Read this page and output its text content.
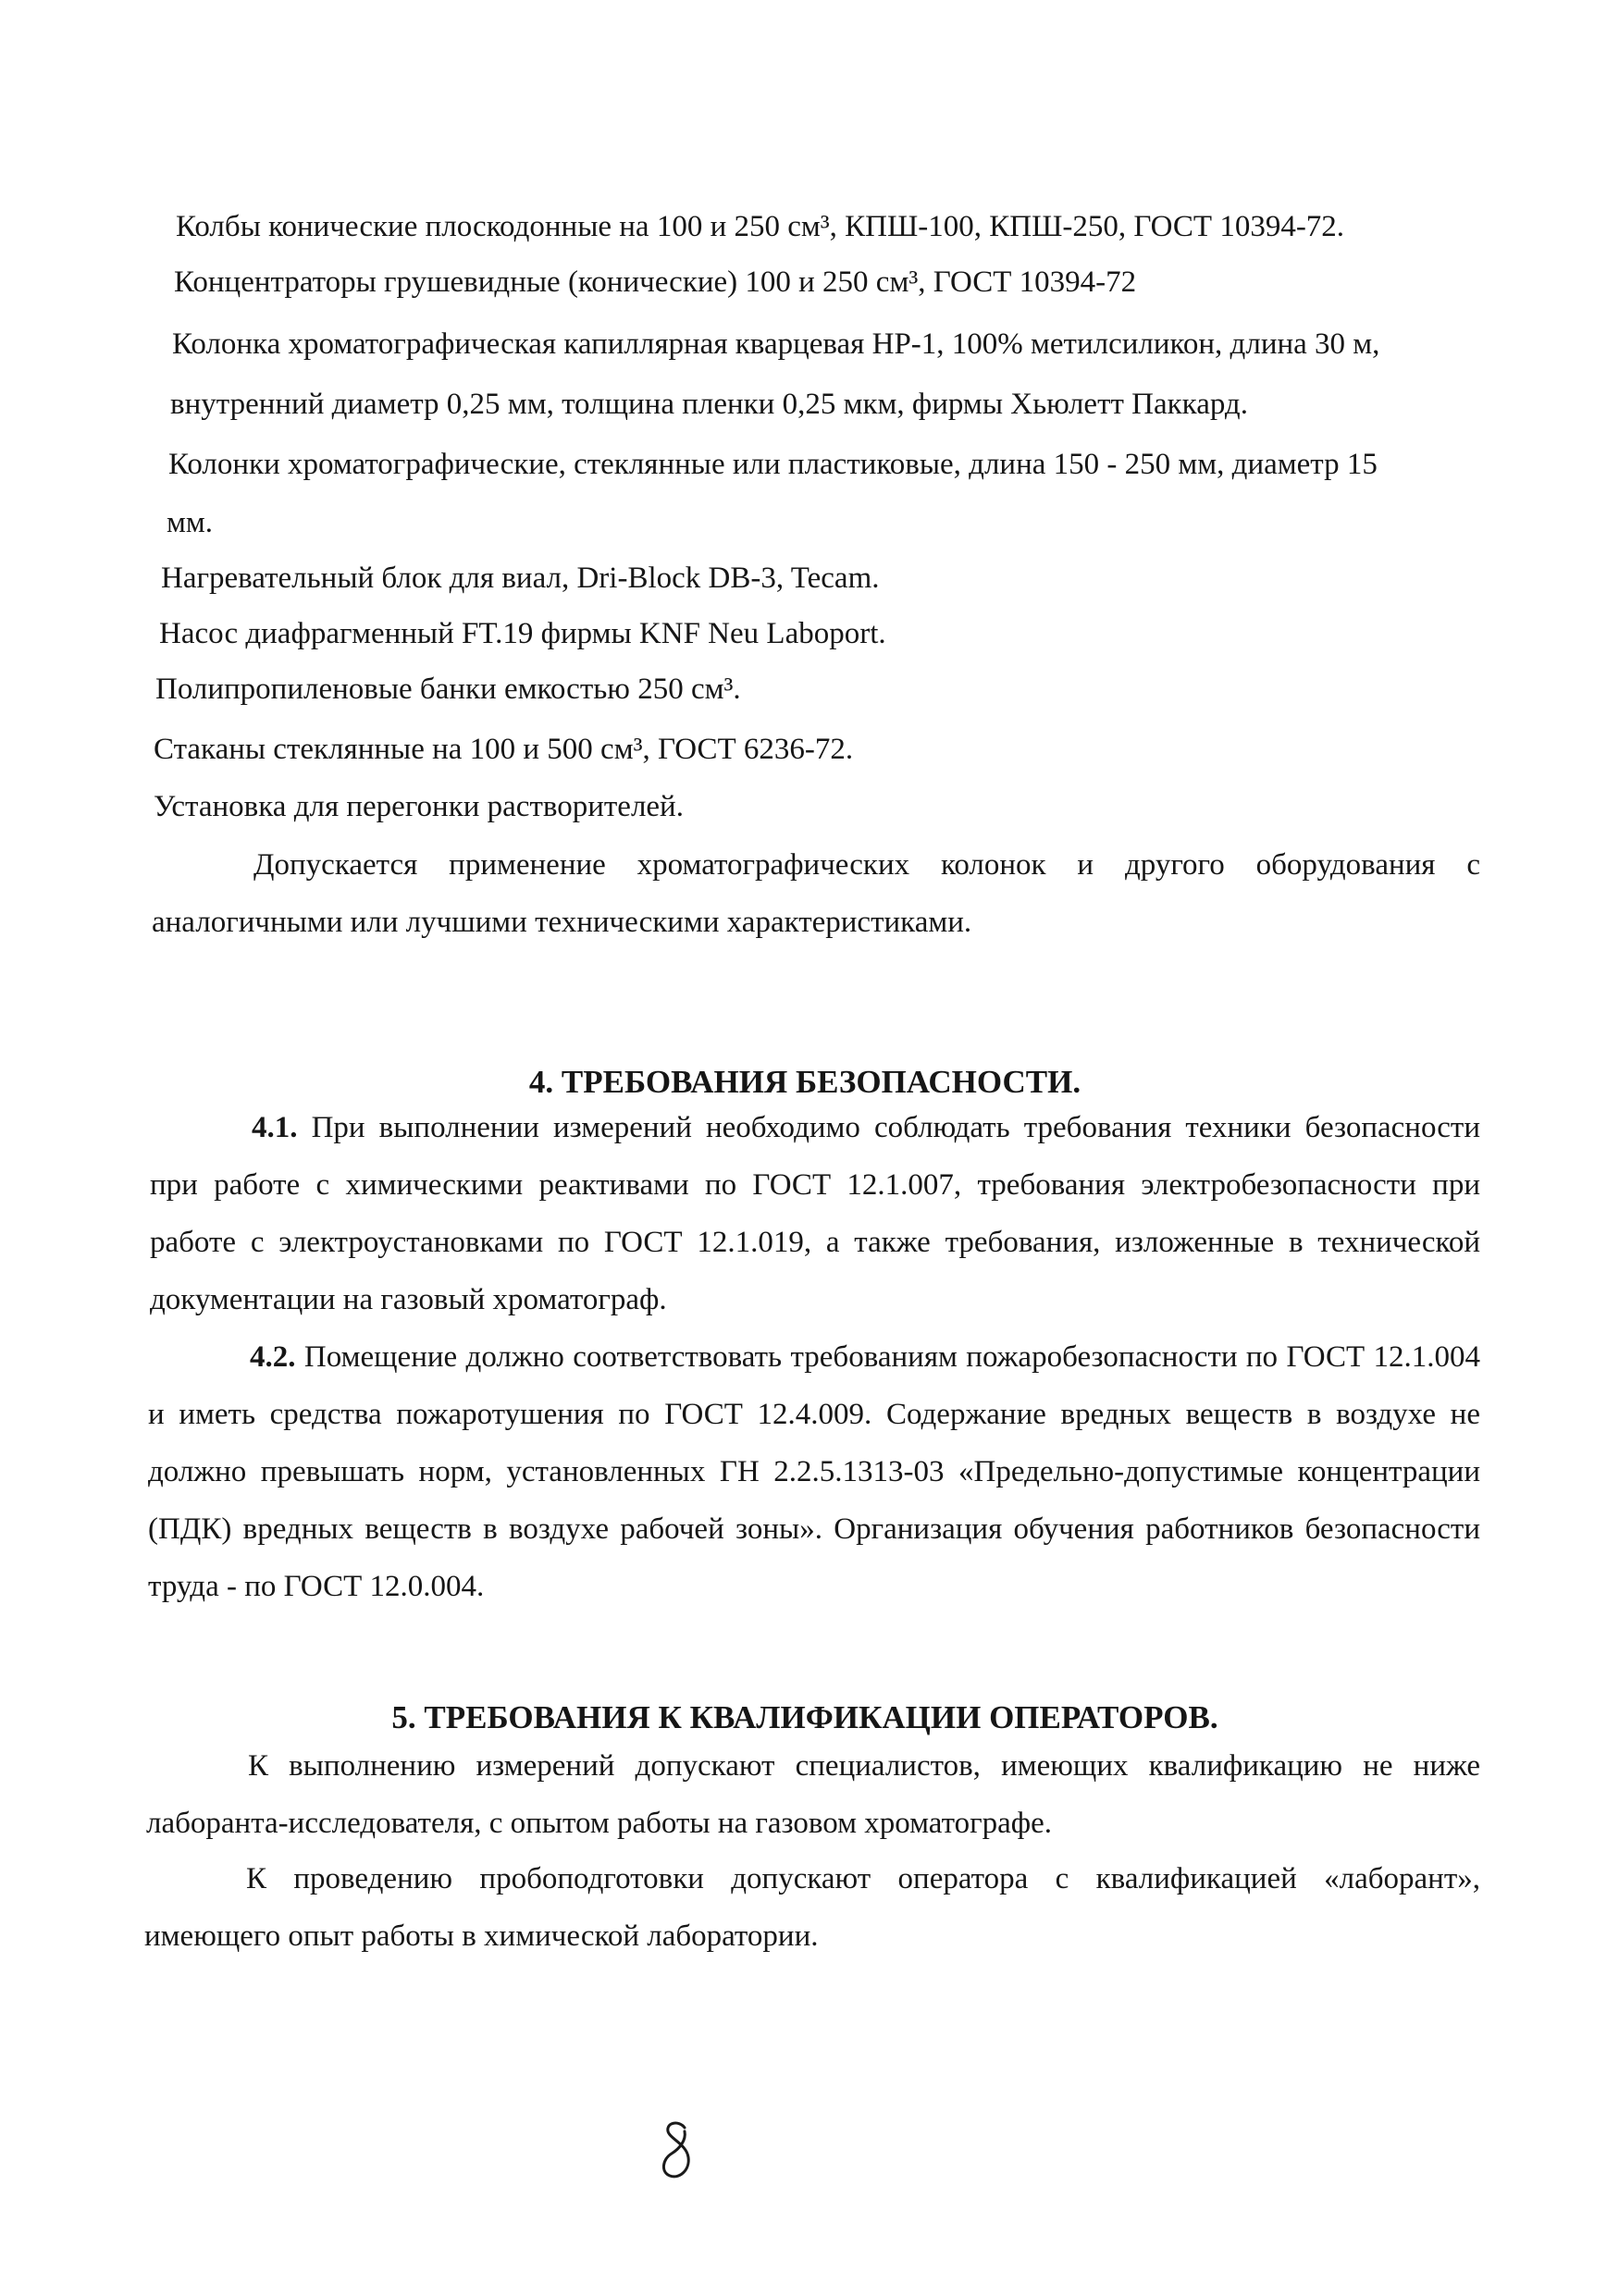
Колбы конические плоскодонные на 100 и 250 см³, КПШ-100, КПШ-250, ГОСТ 10394-72.
Концентраторы грушевидные (конические) 100 и 250 см³, ГОСТ 10394-72
Колонка хроматографическая капиллярная кварцевая НР-1, 100% метилсиликон, длина 30 м,
внутренний диаметр 0,25 мм, толщина пленки 0,25 мкм, фирмы Хьюлетт Паккард.
Колонки хроматографические, стеклянные или пластиковые, длина 150 - 250 мм, диаметр 15
мм.
Нагревательный блок для виал, Dri-Block DB-3, Tecam.
Насос диафрагменный FT.19 фирмы KNF Neu Laboport.
Полипропиленовые банки емкостью 250 см³.
Стаканы стеклянные на 100 и 500 см³, ГОСТ 6236-72.
Установка для перегонки растворителей.
Допускается применение хроматографических колонок и другого оборудования с аналогичными или лучшими техническими характеристиками.
4. ТРЕБОВАНИЯ БЕЗОПАСНОСТИ.
4.1. При выполнении измерений необходимо соблюдать требования техники безопасности при работе с химическими реактивами по ГОСТ 12.1.007, требования электробезопасности при работе с электроустановками по ГОСТ 12.1.019, а также требования, изложенные в технической документации на газовый хроматограф.
4.2. Помещение должно соответствовать требованиям пожаробезопасности по ГОСТ 12.1.004 и иметь средства пожаротушения по ГОСТ 12.4.009. Содержание вредных веществ в воздухе не должно превышать норм, установленных ГН 2.2.5.1313-03 «Предельно-допустимые концентрации (ПДК) вредных веществ в воздухе рабочей зоны». Организация обучения работников безопасности труда - по ГОСТ 12.0.004.
5. ТРЕБОВАНИЯ К КВАЛИФИКАЦИИ ОПЕРАТОРОВ.
К выполнению измерений допускают специалистов, имеющих квалификацию не ниже лаборанта-исследователя, с опытом работы на газовом хроматографе.
К проведению пробоподготовки допускают оператора с квалификацией «лаборант», имеющего опыт работы в химической лаборатории.
